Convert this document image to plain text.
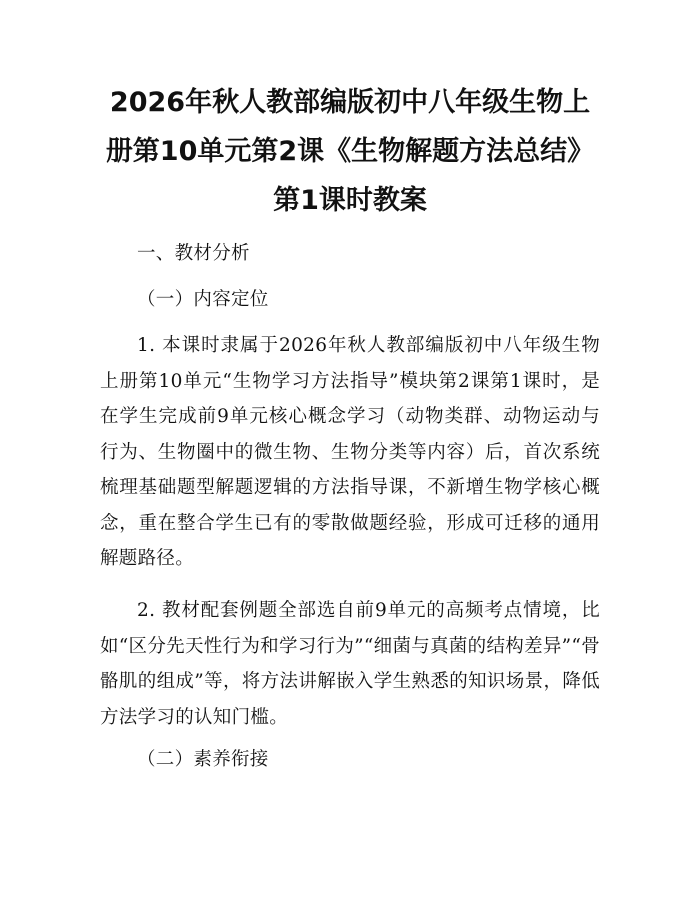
2026年秋人教部编版初中八年级生物上册第10单元第2课《生物解题方法总结》第1课时教案
一、教材分析
（一）内容定位
1. 本课时隶属于2026年秋人教部编版初中八年级生物上册第10单元“生物学习方法指导”模块第2课第1课时，是在学生完成前9单元核心概念学习（动物类群、动物运动与行为、生物圈中的微生物、生物分类等内容）后，首次系统梳理基础题型解题逻辑的方法指导课，不新增生物学核心概念，重在整合学生已有的零散做题经验，形成可迁移的通用解题路径。
2. 教材配套例题全部选自前9单元的高频考点情境，比如“区分先天性行为和学习行为”“细菌与真菌的结构差异”“骨骼肌的组成”等，将方法讲解嵌入学生熟悉的知识场景，降低方法学习的认知门槛。
（二）素养衔接
